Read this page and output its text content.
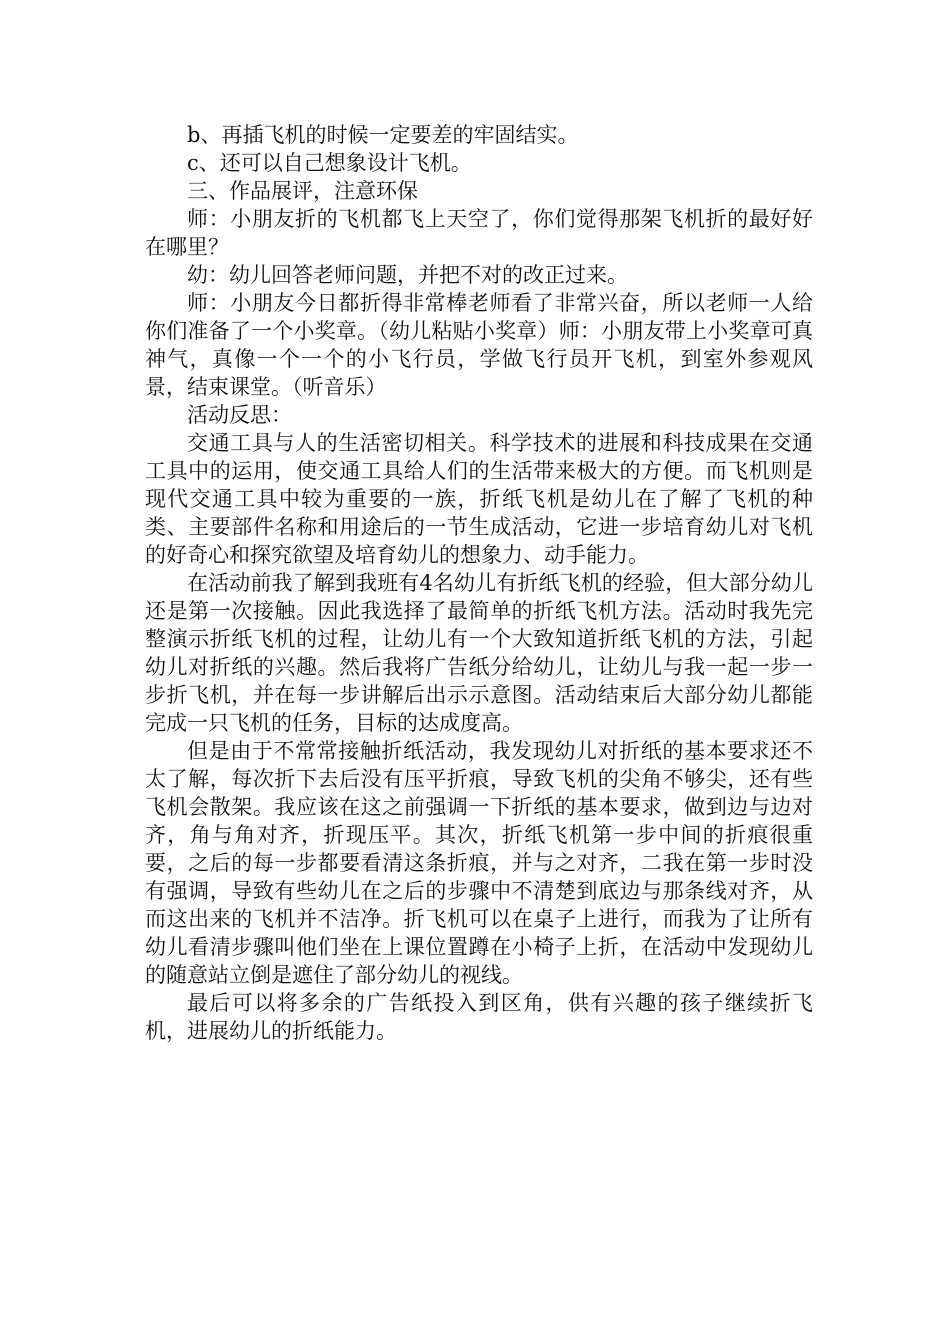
b、再插飞机的时候一定要差的牢固结实。

c、还可以自己想象设计飞机。

三、作品展评，注意环保

师：小朋友折的飞机都飞上天空了，你们觉得那架飞机折的最好好在哪里？

幼：幼儿回答老师问题，并把不对的改正过来。

师：小朋友今日都折得非常棒老师看了非常兴奋，所以老师一人给你们准备了一个小奖章。（幼儿粘贴小奖章）师：小朋友带上小奖章可真神气，真像一个一个的小飞行员，学做飞行员开飞机，到室外参观风景，结束课堂。（听音乐）

活动反思：

交通工具与人的生活密切相关。科学技术的进展和科技成果在交通工具中的运用，使交通工具给人们的生活带来极大的方便。而飞机则是现代交通工具中较为重要的一族，折纸飞机是幼儿在了解了飞机的种类、主要部件名称和用途后的一节生成活动，它进一步培育幼儿对飞机的好奇心和探究欲望及培育幼儿的想象力、动手能力。

在活动前我了解到我班有4名幼儿有折纸飞机的经验，但大部分幼儿还是第一次接触。因此我选择了最简单的折纸飞机方法。活动时我先完整演示折纸飞机的过程，让幼儿有一个大致知道折纸飞机的方法，引起幼儿对折纸的兴趣。然后我将广告纸分给幼儿，让幼儿与我一起一步一步折飞机，并在每一步讲解后出示示意图。活动结束后大部分幼儿都能完成一只飞机的任务，目标的达成度高。

但是由于不常常接触折纸活动，我发现幼儿对折纸的基本要求还不太了解，每次折下去后没有压平折痕，导致飞机的尖角不够尖，还有些飞机会散架。我应该在这之前强调一下折纸的基本要求，做到边与边对齐，角与角对齐，折现压平。其次，折纸飞机第一步中间的折痕很重要，之后的每一步都要看清这条折痕，并与之对齐，二我在第一步时没有强调，导致有些幼儿在之后的步骤中不清楚到底边与那条线对齐，从而这出来的飞机并不洁净。折飞机可以在桌子上进行，而我为了让所有幼儿看清步骤叫他们坐在上课位置蹲在小椅子上折，在活动中发现幼儿的随意站立倒是遮住了部分幼儿的视线。

最后可以将多余的广告纸投入到区角，供有兴趣的孩子继续折飞机，进展幼儿的折纸能力。
